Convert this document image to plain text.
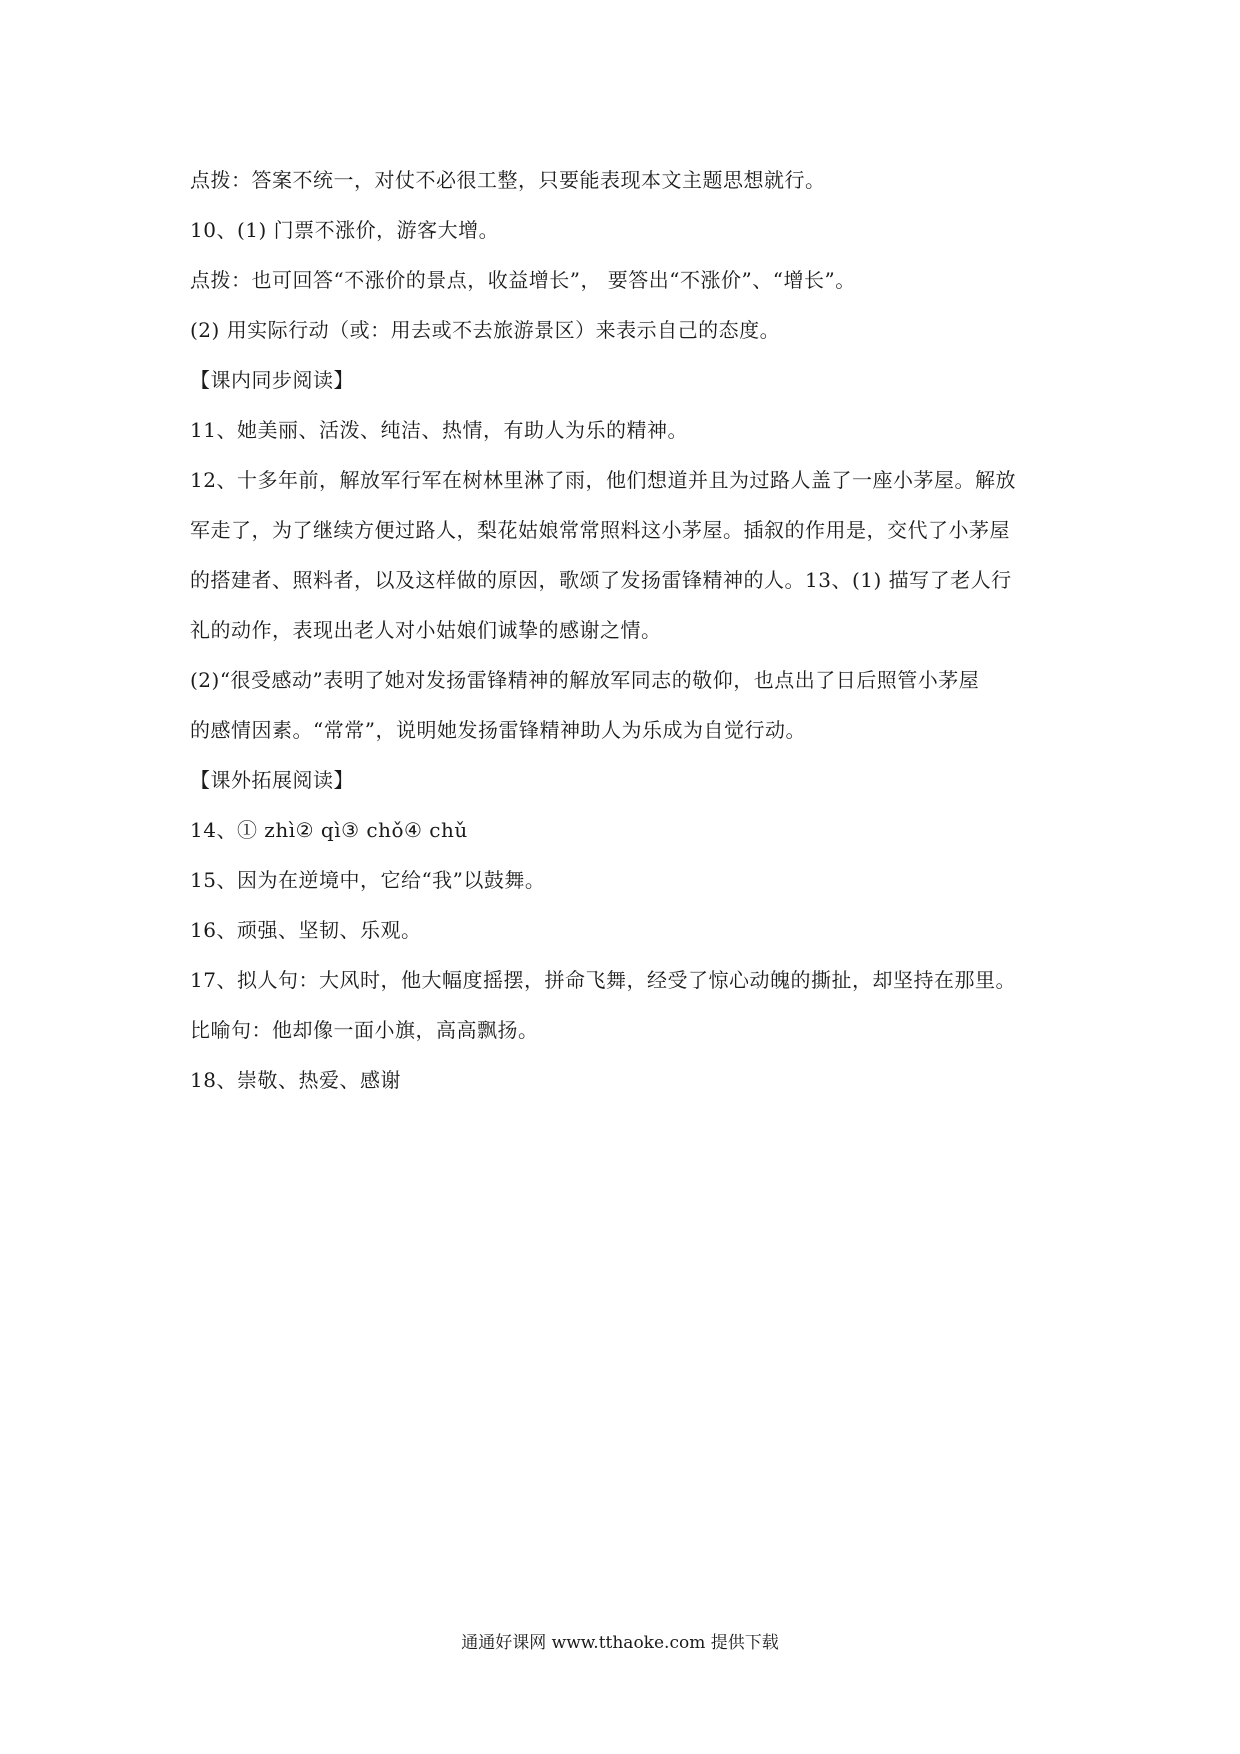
点拨：答案不统一，对仗不必很工整，只要能表现本文主题思想就行。
10、(1) 门票不涨价，游客大增。
点拨：也可回答“不涨价的景点，收益增长”， 要答出“不涨价”、“增长”。
(2) 用实际行动（或：用去或不去旅游景区）来表示自己的态度。
【课内同步阅读】
11、她美丽、活泼、纯洁、热情，有助人为乐的精神。
12、十多年前，解放军行军在树林里淋了雨，他们想道并且为过路人盖了一座小茅屋。解放
军走了，为了继续方便过路人，梨花姑娘常常照料这小茅屋。插叙的作用是，交代了小茅屋
的搭建者、照料者，以及这样做的原因，歌颂了发扬雷锋精神的人。13、(1) 描写了老人行
礼的动作，表现出老人对小姑娘们诚挚的感谢之情。
(2)“很受感动”表明了她对发扬雷锋精神的解放军同志的敬仰，也点出了日后照管小茅屋
的感情因素。“常常”，说明她发扬雷锋精神助人为乐成为自觉行动。
【课外拓展阅读】
14、① zhì② qì③ chǒ④ chǔ
15、因为在逆境中，它给“我”以鼓舞。
16、顽强、坚韧、乐观。
17、拟人句：大风时，他大幅度摇摆，拼命飞舞，经受了惊心动魄的撕扯，却坚持在那里。
比喻句：他却像一面小旗，高高飘扬。
18、崇敬、热爱、感谢
通通好课网 www.tthaoke.com 提供下载
